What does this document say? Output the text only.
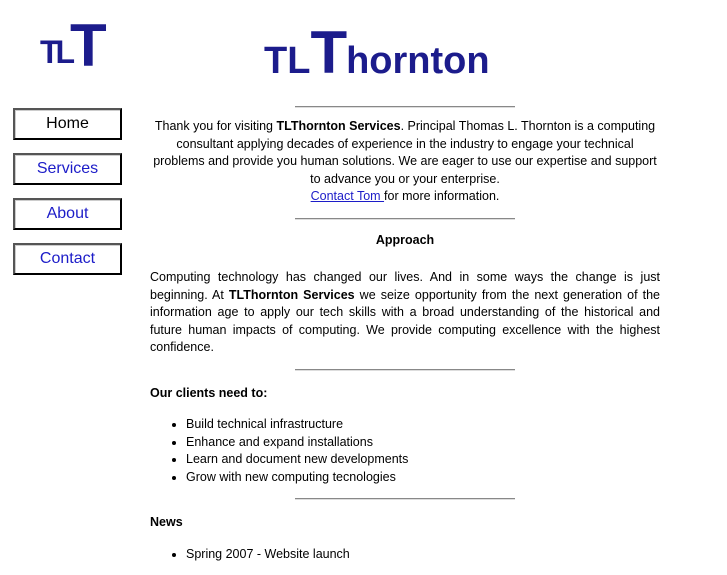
TL
T	TLThornton
Home
Services
About
Contact

Thank you for visiting TLThornton Services. Principal Thomas L. Thornton is a computing consultant applying decades of experience in the industry to engage your technical problems and provide you human solutions. We are eager to use our expertise and support to advance you or your enterprise.
Contact Tom for more information.

Approach

Computing technology has changed our lives. And in some ways the change is just beginning. At TLThornton Services we seize opportunity from the next generation of the information age to apply our tech skills with a broad understanding of the historical and future human impacts of computing. We provide computing excellence with the highest confidence.

Our clients need to:
• Build technical infrastructure
• Enhance and expand installations
• Learn and document new developments
• Grow with new computing tecnologies
News
• Spring 2007 - Website launch
